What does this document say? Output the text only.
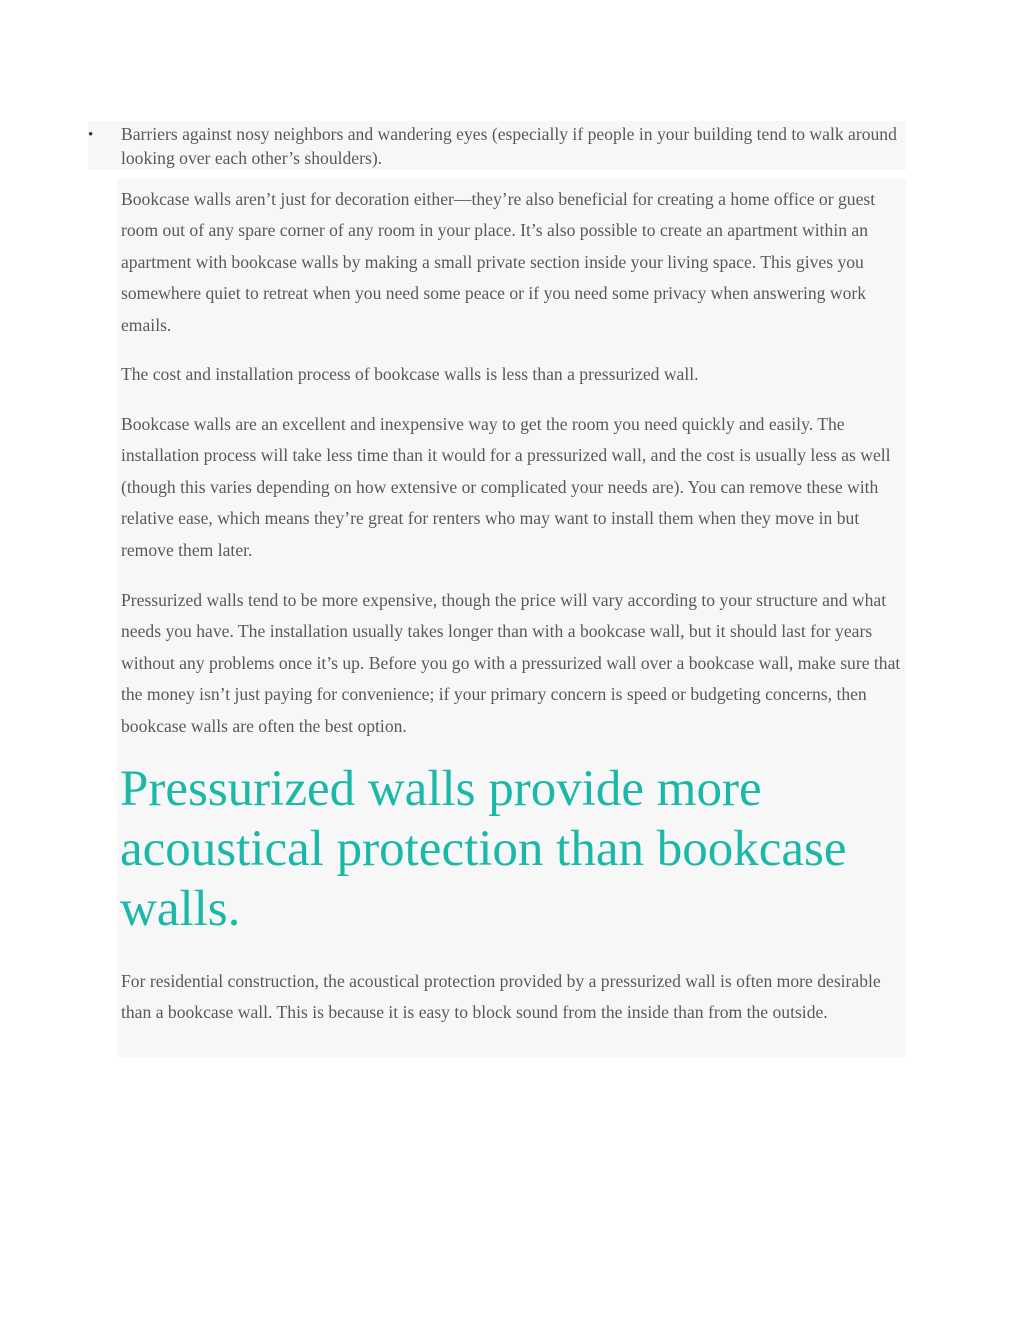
•	Barriers against nosy neighbors and wandering eyes (especially if people in your building tend to walk around looking over each other’s shoulders).

Bookcase walls aren’t just for decoration either—they’re also beneficial for creating a home office or guest room out of any spare corner of any room in your place. It’s also possible to create an apartment within an apartment with bookcase walls by making a small private section inside your living space. This gives you somewhere quiet to retreat when you need some peace or if you need some privacy when answering work emails.

The cost and installation process of bookcase walls is less than a pressurized wall.

Bookcase walls are an excellent and inexpensive way to get the room you need quickly and easily. The installation process will take less time than it would for a pressurized wall, and the cost is usually less as well (though this varies depending on how extensive or complicated your needs are). You can remove these with relative ease, which means they’re great for renters who may want to install them when they move in but remove them later.

Pressurized walls tend to be more expensive, though the price will vary according to your structure and what needs you have. The installation usually takes longer than with a bookcase wall, but it should last for years without any problems once it’s up. Before you go with a pressurized wall over a bookcase wall, make sure that the money isn’t just paying for convenience; if your primary concern is speed or budgeting concerns, then bookcase walls are often the best option.

Pressurized walls provide more acoustical protection than bookcase walls.

For residential construction, the acoustical protection provided by a pressurized wall is often more desirable than a bookcase wall. This is because it is easy to block sound from the inside than from the outside.
